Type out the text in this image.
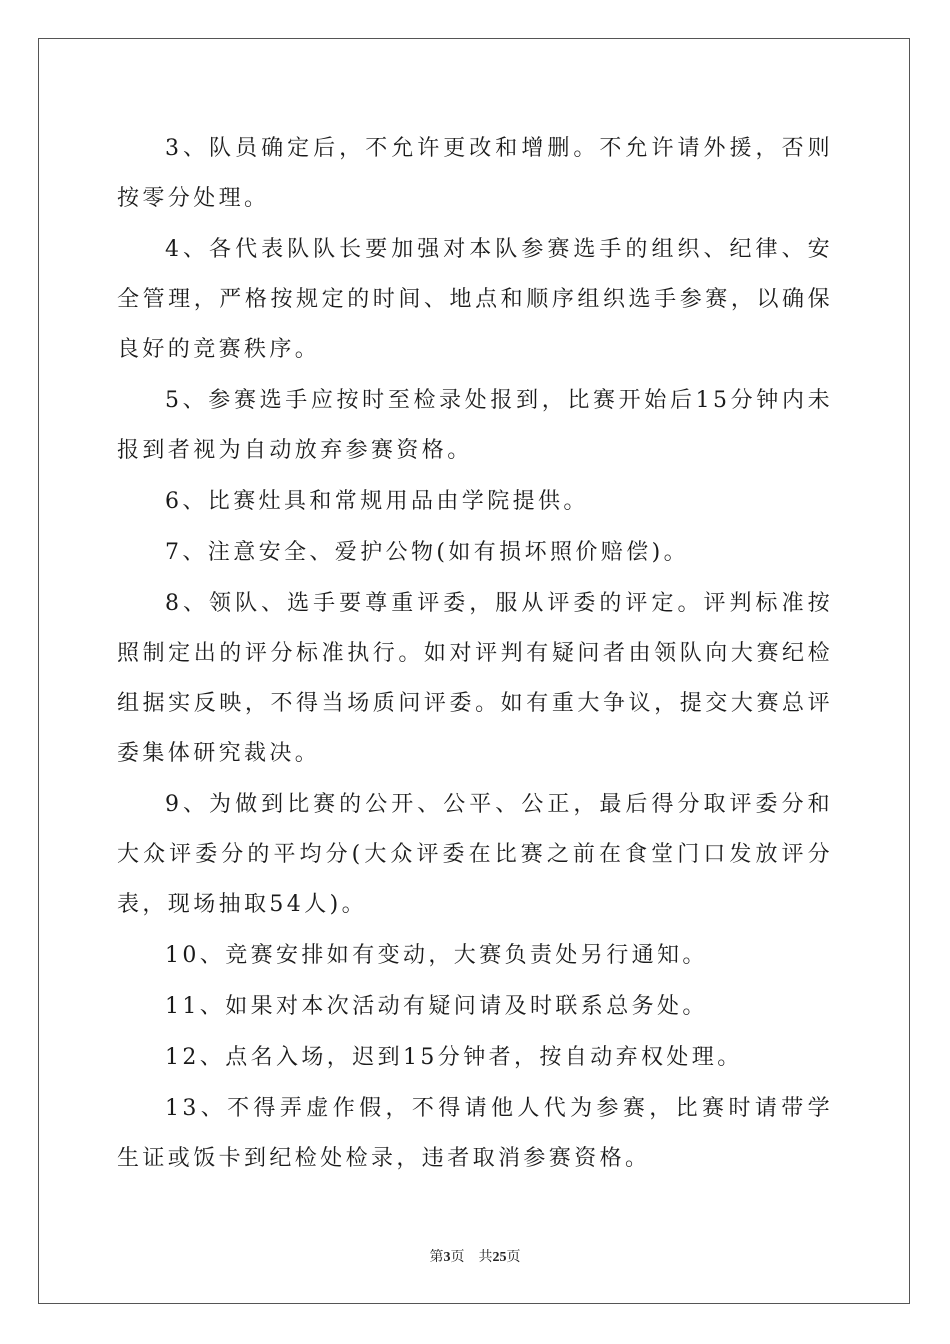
3、队员确定后，不允许更改和增删。不允许请外援，否则按零分处理。

4、各代表队队长要加强对本队参赛选手的组织、纪律、安全管理，严格按规定的时间、地点和顺序组织选手参赛，以确保良好的竞赛秩序。

5、参赛选手应按时至检录处报到，比赛开始后15分钟内未报到者视为自动放弃参赛资格。

6、比赛灶具和常规用品由学院提供。

7、注意安全、爱护公物(如有损坏照价赔偿)。

8、领队、选手要尊重评委，服从评委的评定。评判标准按照制定出的评分标准执行。如对评判有疑问者由领队向大赛纪检组据实反映，不得当场质问评委。如有重大争议，提交大赛总评委集体研究裁决。

9、为做到比赛的公开、公平、公正，最后得分取评委分和大众评委分的平均分(大众评委在比赛之前在食堂门口发放评分表，现场抽取54人)。

10、竞赛安排如有变动，大赛负责处另行通知。

11、如果对本次活动有疑问请及时联系总务处。

12、点名入场，迟到15分钟者，按自动弃权处理。

13、不得弄虚作假，不得请他人代为参赛，比赛时请带学生证或饭卡到纪检处检录，违者取消参赛资格。

第3页 共25页
